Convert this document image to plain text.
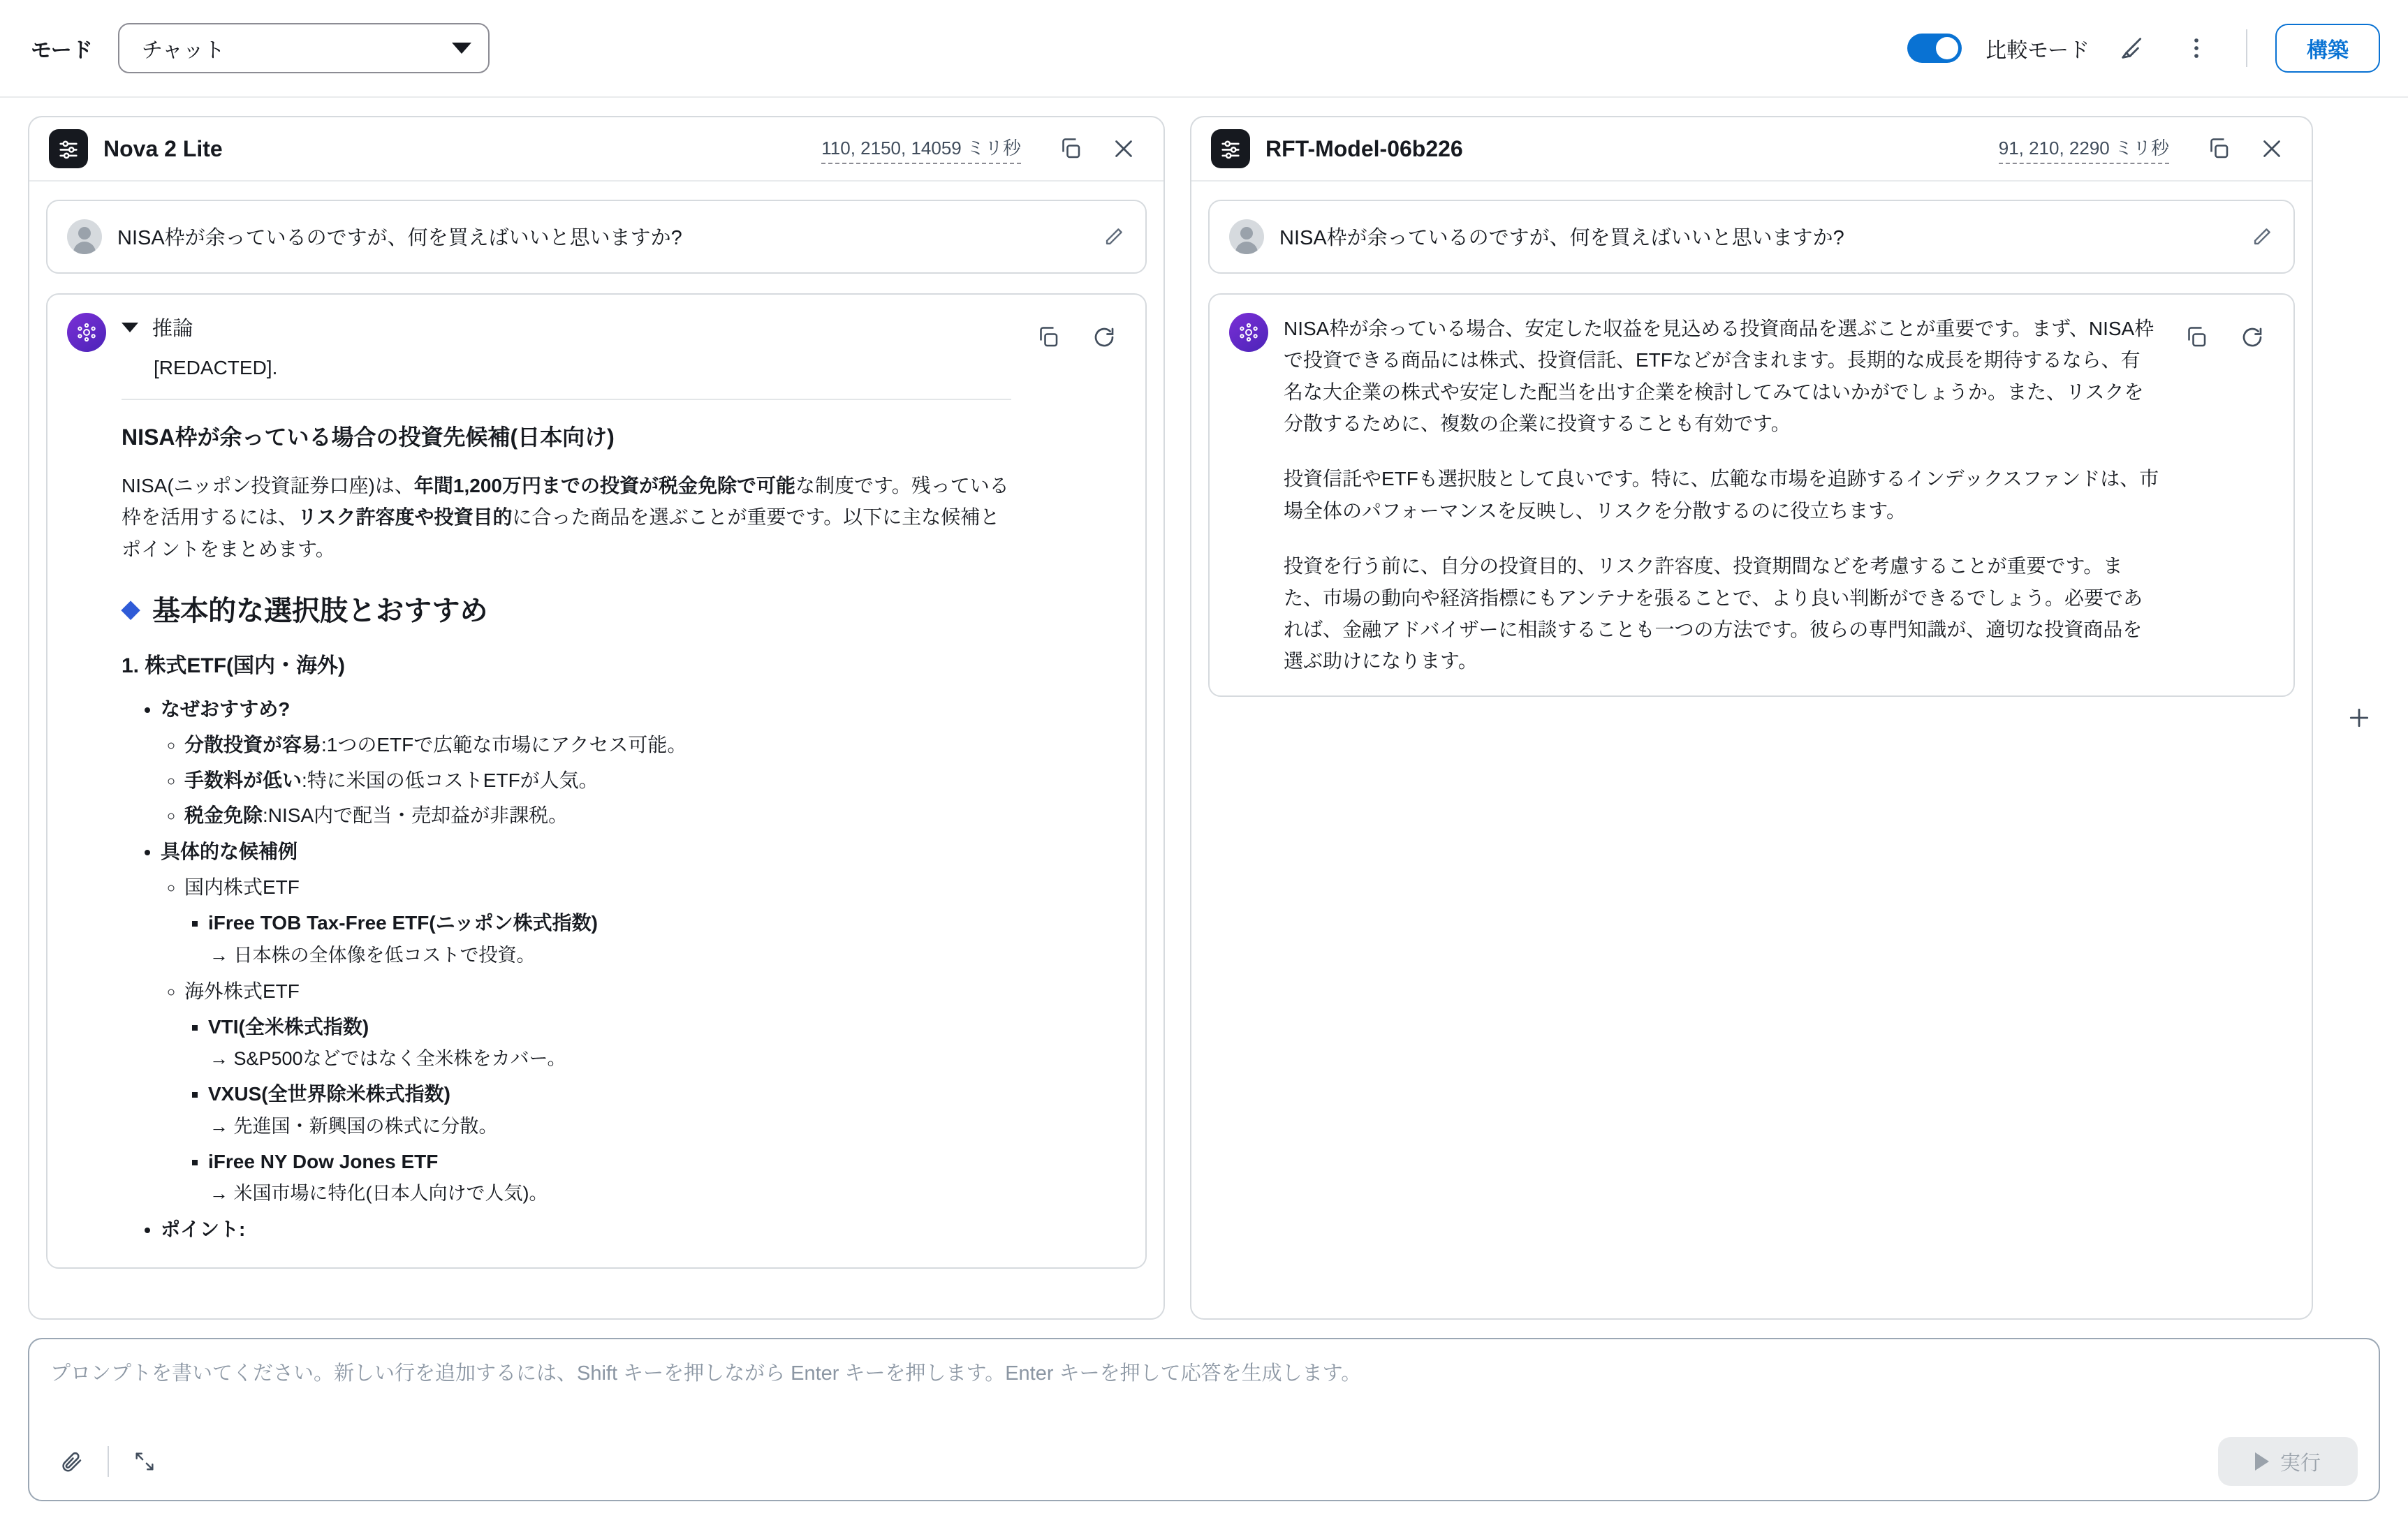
モード チャット	比較モード	構築
Nova 2 Lite	110, 2150, 14059 ミリ秒
NISA枠が余っているのですが、何を買えばいいと思いますか?
推論
[REDACTED].
NISA枠が余っている場合の投資先候補(日本向け)

NISA(ニッポン投資証券口座)は、年間1,200万円までの投資が税金免除で可能な制度です。残っている枠を活用するには、リスク許容度や投資目的に合った商品を選ぶことが重要です。以下に主な候補とポイントをまとめます。

◆ 基本的な選択肢とおすすめ
1. 株式ETF(国内・海外)
• なぜおすすめ?
◦ 分散投資が容易:1つのETFで広範な市場にアクセス可能。
◦ 手数料が低い:特に米国の低コストETFが人気。
◦ 税金免除:NISA内で配当・売却益が非課税。
• 具体的な候補例
◦ 国内株式ETF
▪ iFree TOB Tax-Free ETF(ニッポン株式指数)
→ 日本株の全体像を低コストで投資。
◦ 海外株式ETF
▪ VTI(全米株式指数)
→ S&P500などではなく全米株をカバー。
▪ VXUS(全世界除米株式指数)
→ 先進国・新興国の株式に分散。
▪ iFree NY Dow Jones ETF
→ 米国市場に特化(日本人向けで人気)。
• ポイント:
RFT-Model-06b226	91, 210, 2290 ミリ秒
NISA枠が余っているのですが、何を買えばいいと思いますか?

NISA枠が余っている場合、安定した収益を見込める投資商品を選ぶことが重要です。まず、NISA枠で投資できる商品には株式、投資信託、ETFなどが含まれます。長期的な成長を期待するなら、有名な大企業の株式や安定した配当を出す企業を検討してみてはいかがでしょうか。また、リスクを分散するために、複数の企業に投資することも有効です。

投資信託やETFも選択肢として良いです。特に、広範な市場を追跡するインデックスファンドは、市場全体のパフォーマンスを反映し、リスクを分散するのに役立ちます。

投資を行う前に、自分の投資目的、リスク許容度、投資期間などを考慮することが重要です。また、市場の動向や経済指標にもアンテナを張ることで、より良い判断ができるでしょう。必要であれば、金融アドバイザーに相談することも一つの方法です。彼らの専門知識が、適切な投資商品を選ぶ助けになります。

プロンプトを書いてください。新しい行を追加するには、Shift キーを押しながら Enter キーを押します。Enter キーを押して応答を生成します。
実行
